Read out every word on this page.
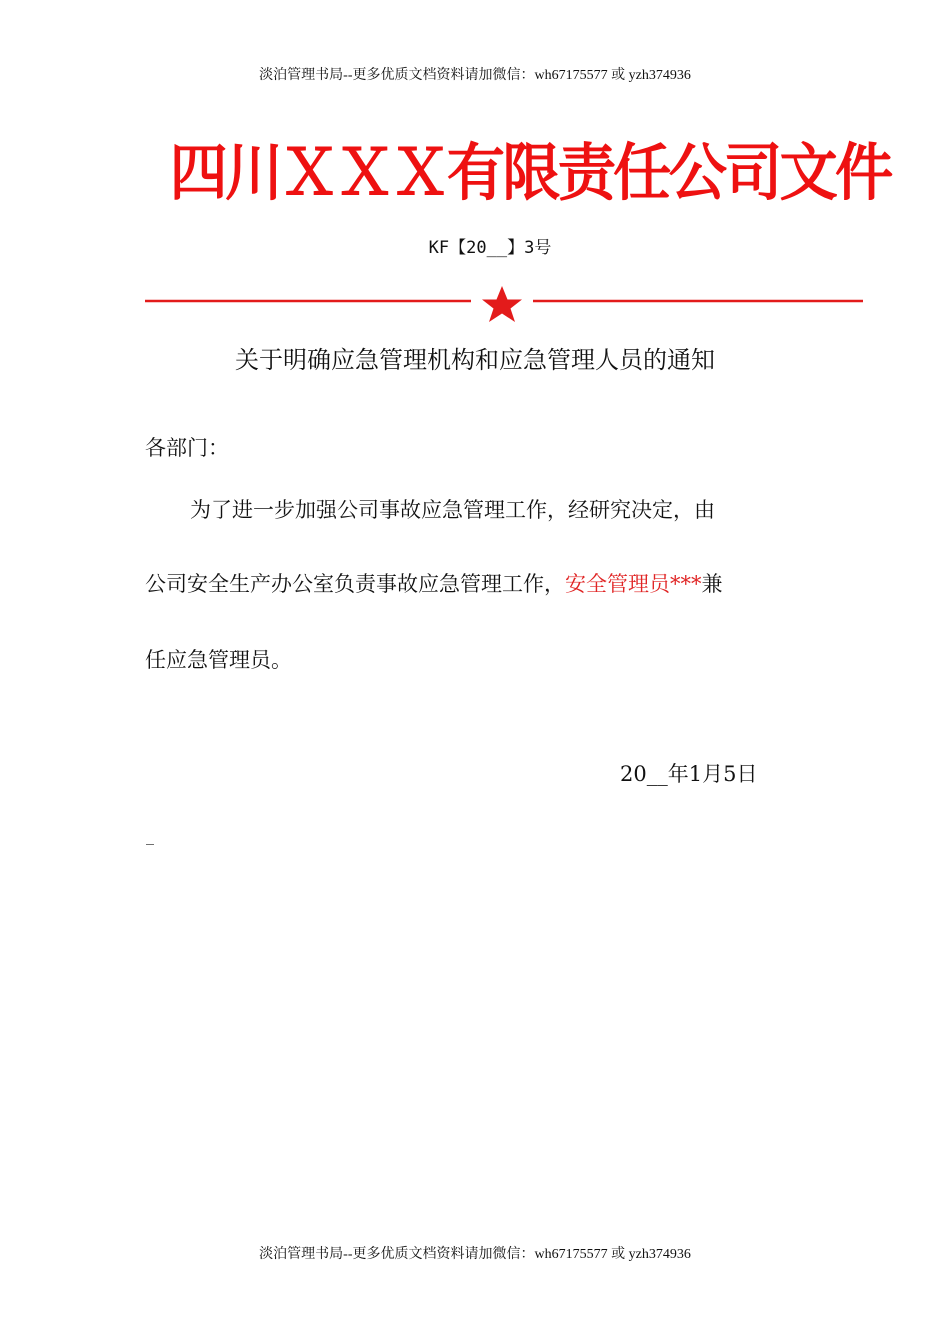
淡泊管理书局--更多优质文档资料请加微信：wh67175577 或 yzh374936
四川ＸＸＸ有限责任公司文件
KF【20__】3号
关于明确应急管理机构和应急管理人员的通知
各部门：
为了进一步加强公司事故应急管理工作，经研究决定，由
公司安全生产办公室负责事故应急管理工作，安全管理员***兼
任应急管理员。
20__年1月5日
_
淡泊管理书局--更多优质文档资料请加微信：wh67175577 或 yzh374936
